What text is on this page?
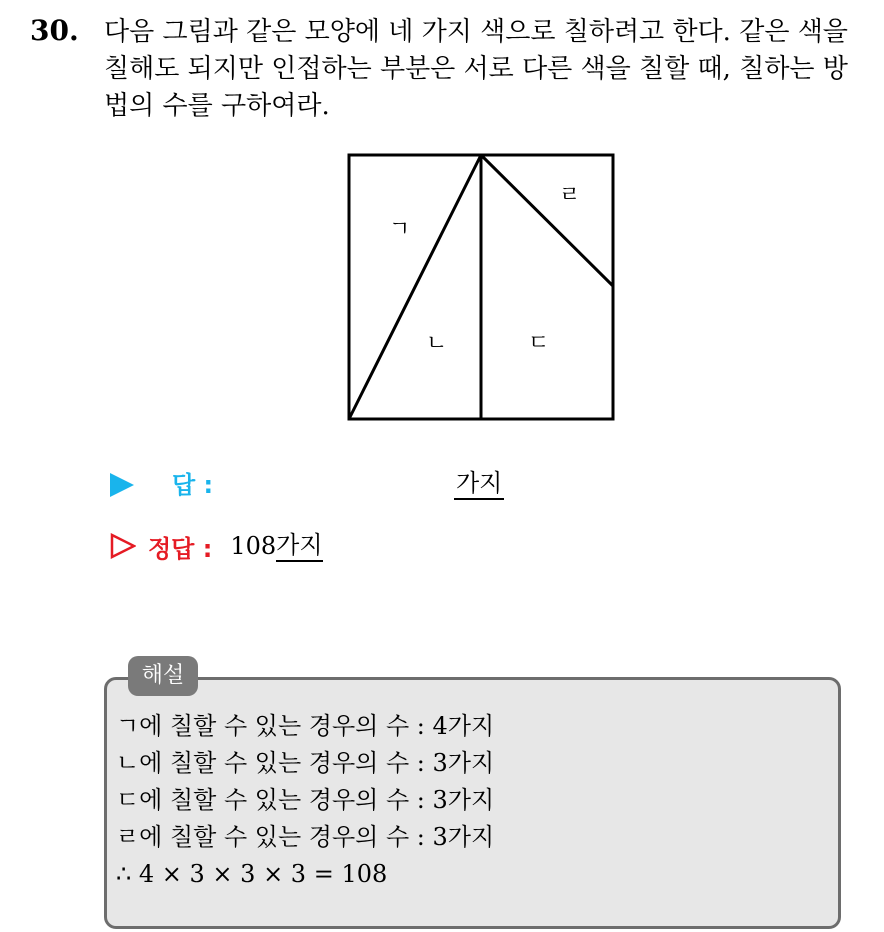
30. 다음 그림과 같은 모양에 네 가지 색으로 칠하려고 한다. 같은 색을 칠해도 되지만 인접하는 부분은 서로 다른 색을 칠할 때, 칠하는 방법의 수를 구하여라.
ㄱ
ㄴ	ㄷ
ㄹ
답 :	가지
정답 : 108 가지
해설
ㄱ에 칠할 수 있는 경우의 수 : 4가지
ㄴ에 칠할 수 있는 경우의 수 : 3가지
ㄷ에 칠할 수 있는 경우의 수 : 3가지
ㄹ에 칠할 수 있는 경우의 수 : 3가지
∴ 4 × 3 × 3 × 3 = 108
